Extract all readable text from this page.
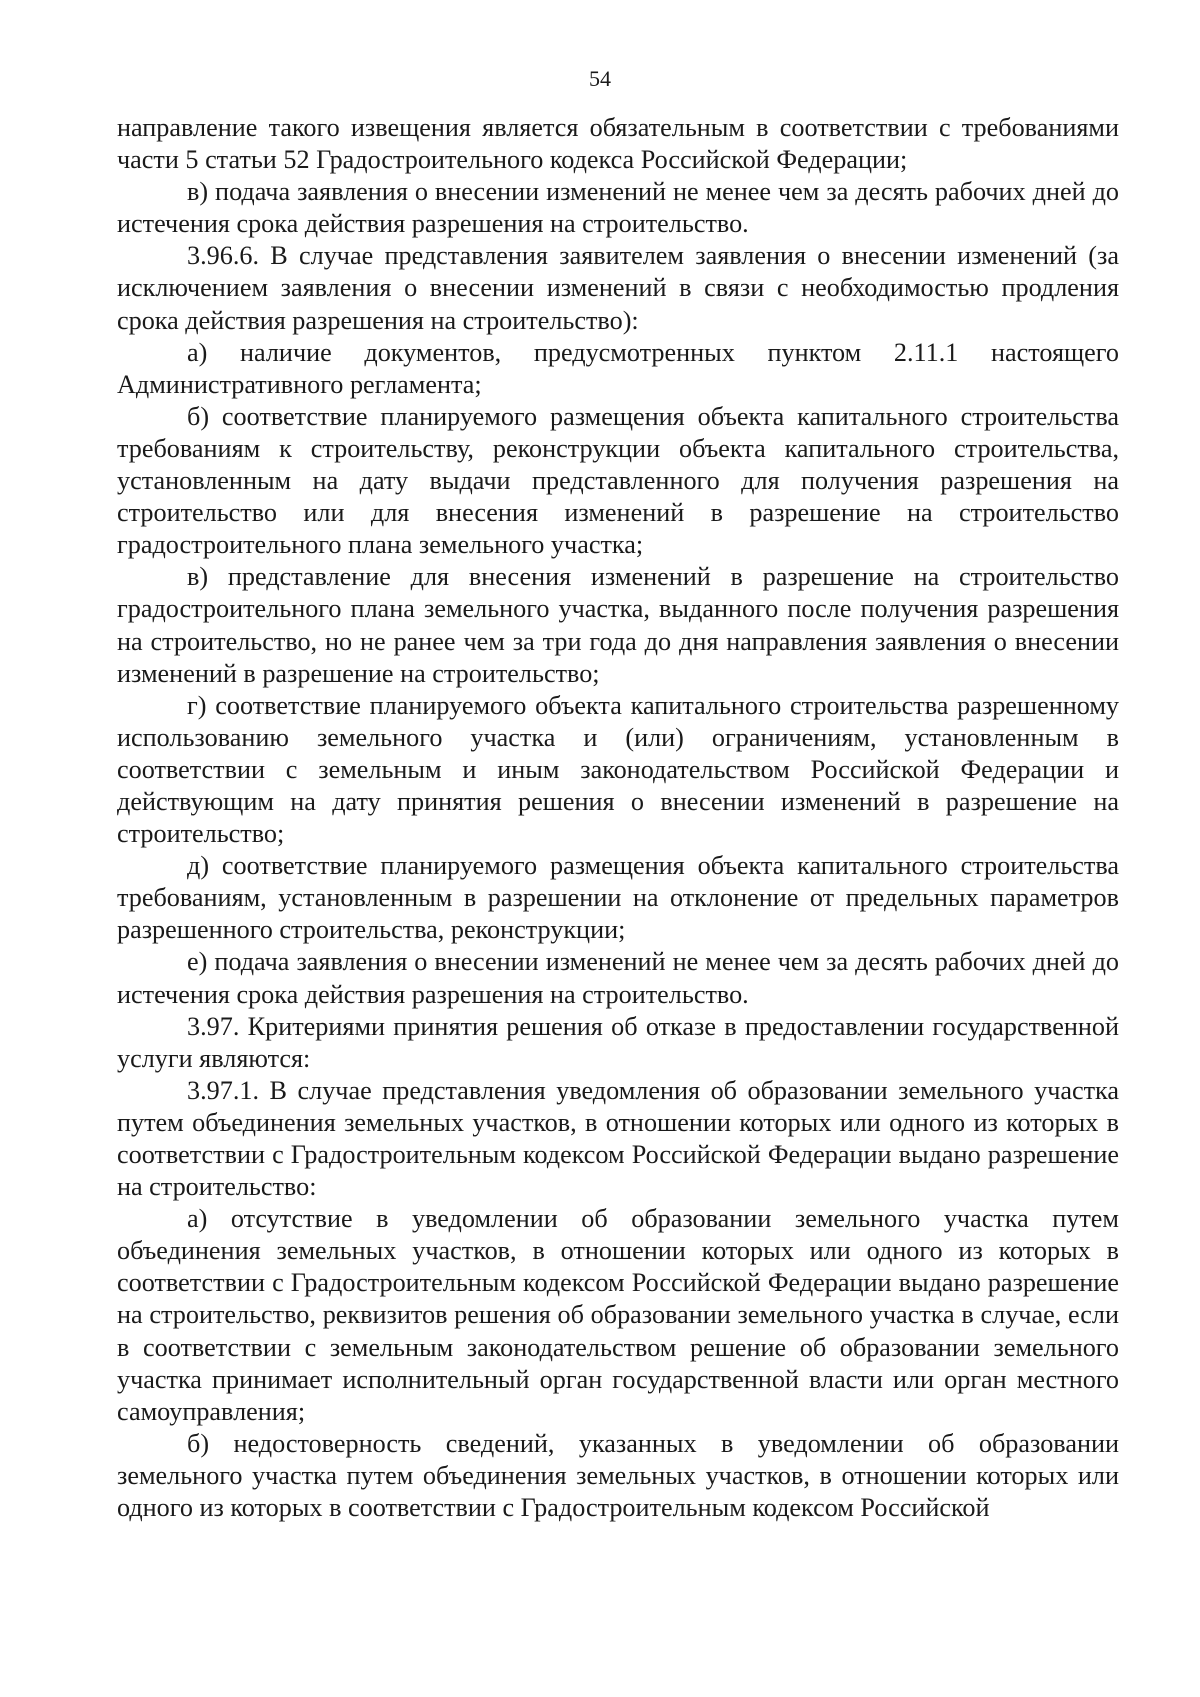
54

направление такого извещения является обязательным в соответствии с требованиями части 5 статьи 52 Градостроительного кодекса Российской Федерации;

в) подача заявления о внесении изменений не менее чем за десять рабочих дней до истечения срока действия разрешения на строительство.

3.96.6. В случае представления заявителем заявления о внесении изменений (за исключением заявления о внесении изменений в связи с необходимостью продления срока действия разрешения на строительство):

а) наличие документов, предусмотренных пунктом 2.11.1 настоящего Административного регламента;

б) соответствие планируемого размещения объекта капитального строительства требованиям к строительству, реконструкции объекта капитального строительства, установленным на дату выдачи представленного для получения разрешения на строительство или для внесения изменений в разрешение на строительство градостроительного плана земельного участка;

в) представление для внесения изменений в разрешение на строительство градостроительного плана земельного участка, выданного после получения разрешения на строительство, но не ранее чем за три года до дня направления заявления о внесении изменений в разрешение на строительство;

г) соответствие планируемого объекта капитального строительства разрешенному использованию земельного участка и (или) ограничениям, установленным в соответствии с земельным и иным законодательством Российской Федерации и действующим на дату принятия решения о внесении изменений в разрешение на строительство;

д) соответствие планируемого размещения объекта капитального строительства требованиям, установленным в разрешении на отклонение от предельных параметров разрешенного строительства, реконструкции;

е) подача заявления о внесении изменений не менее чем за десять рабочих дней до истечения срока действия разрешения на строительство.

3.97. Критериями принятия решения об отказе в предоставлении государственной услуги являются:

3.97.1. В случае представления уведомления об образовании земельного участка путем объединения земельных участков, в отношении которых или одного из которых в соответствии с Градостроительным кодексом Российской Федерации выдано разрешение на строительство:

а) отсутствие в уведомлении об образовании земельного участка путем объединения земельных участков, в отношении которых или одного из которых в соответствии с Градостроительным кодексом Российской Федерации выдано разрешение на строительство, реквизитов решения об образовании земельного участка в случае, если в соответствии с земельным законодательством решение об образовании земельного участка принимает исполнительный орган государственной власти или орган местного самоуправления;

б) недостоверность сведений, указанных в уведомлении об образовании земельного участка путем объединения земельных участков, в отношении которых или одного из которых в соответствии с Градостроительным кодексом Российской
